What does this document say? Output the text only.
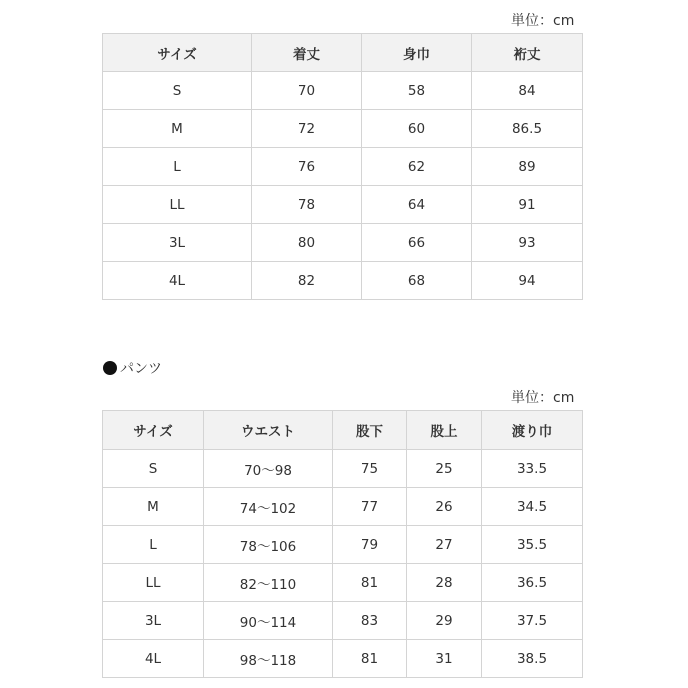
単位：cm
サイズ	着丈	身巾	裄丈
S	70	58	84
M	72	60	86.5
L	76	62	89
LL	78	64	91
3L	80	66	93
4L	82	68	94
パンツ
単位：cm
サイズ	ウエスト	股下	股上	渡り巾
S	70〜98	75	25	33.5
M	74〜102	77	26	34.5
L	78〜106	79	27	35.5
LL	82〜110	81	28	36.5
3L	90〜114	83	29	37.5
4L	98〜118	81	31	38.5
